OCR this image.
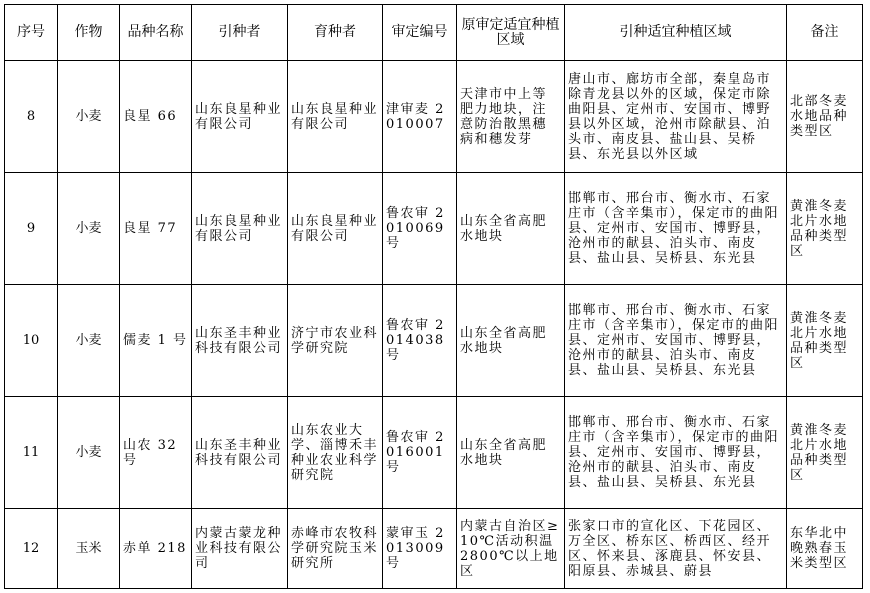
序号	作物	品种名称	引种者	育种者	审定编号	原审定适宜种植区域	引种适宜种植区域	备注
8	小麦	良星 66	山东良星种业有限公司	山东良星种业有限公司	津审麦 2010007	天津市中上等肥力地块，注意防治散黑穗病和穗发芽	唐山市、廊坊市全部，秦皇岛市除青龙县以外的区域，保定市除曲阳县、定州市、安国市、博野县以外区域，沧州市除献县、泊头市、南皮县、盐山县、吴桥县、东光县以外区域	北部冬麦水地品种类型区
9	小麦	良星 77	山东良星种业有限公司	山东良星种业有限公司	鲁农审 2010069 号	山东全省高肥水地块	邯郸市、邢台市、衡水市、石家庄市（含辛集市），保定市的曲阳县、定州市、安国市、博野县，沧州市的献县、泊头市、南皮县、盐山县、吴桥县、东光县	黄淮冬麦北片水地品种类型区
10	小麦	儒麦 1 号	山东圣丰种业科技有限公司	济宁市农业科学研究院	鲁农审 2014038 号	山东全省高肥水地块	邯郸市、邢台市、衡水市、石家庄市（含辛集市），保定市的曲阳县、定州市、安国市、博野县，沧州市的献县、泊头市、南皮县、盐山县、吴桥县、东光县	黄淮冬麦北片水地品种类型区
11	小麦	山农 32 号	山东圣丰种业科技有限公司	山东农业大学、淄博禾丰种业农业科学研究院	鲁农审 2016001 号	山东全省高肥水地块	邯郸市、邢台市、衡水市、石家庄市（含辛集市），保定市的曲阳县、定州市、安国市、博野县，沧州市的献县、泊头市、南皮县、盐山县、吴桥县、东光县	黄淮冬麦北片水地品种类型区
12	玉米	赤单 218	内蒙古蒙龙种业科技有限公司	赤峰市农牧科学研究院玉米研究所	蒙审玉 2013009 号	内蒙古自治区≥10℃活动积温 2800℃以上地区	张家口市的宣化区、下花园区、万全区、桥东区、桥西区、经开区、怀来县、涿鹿县、怀安县、阳原县、赤城县、蔚县	东华北中晚熟春玉米类型区
